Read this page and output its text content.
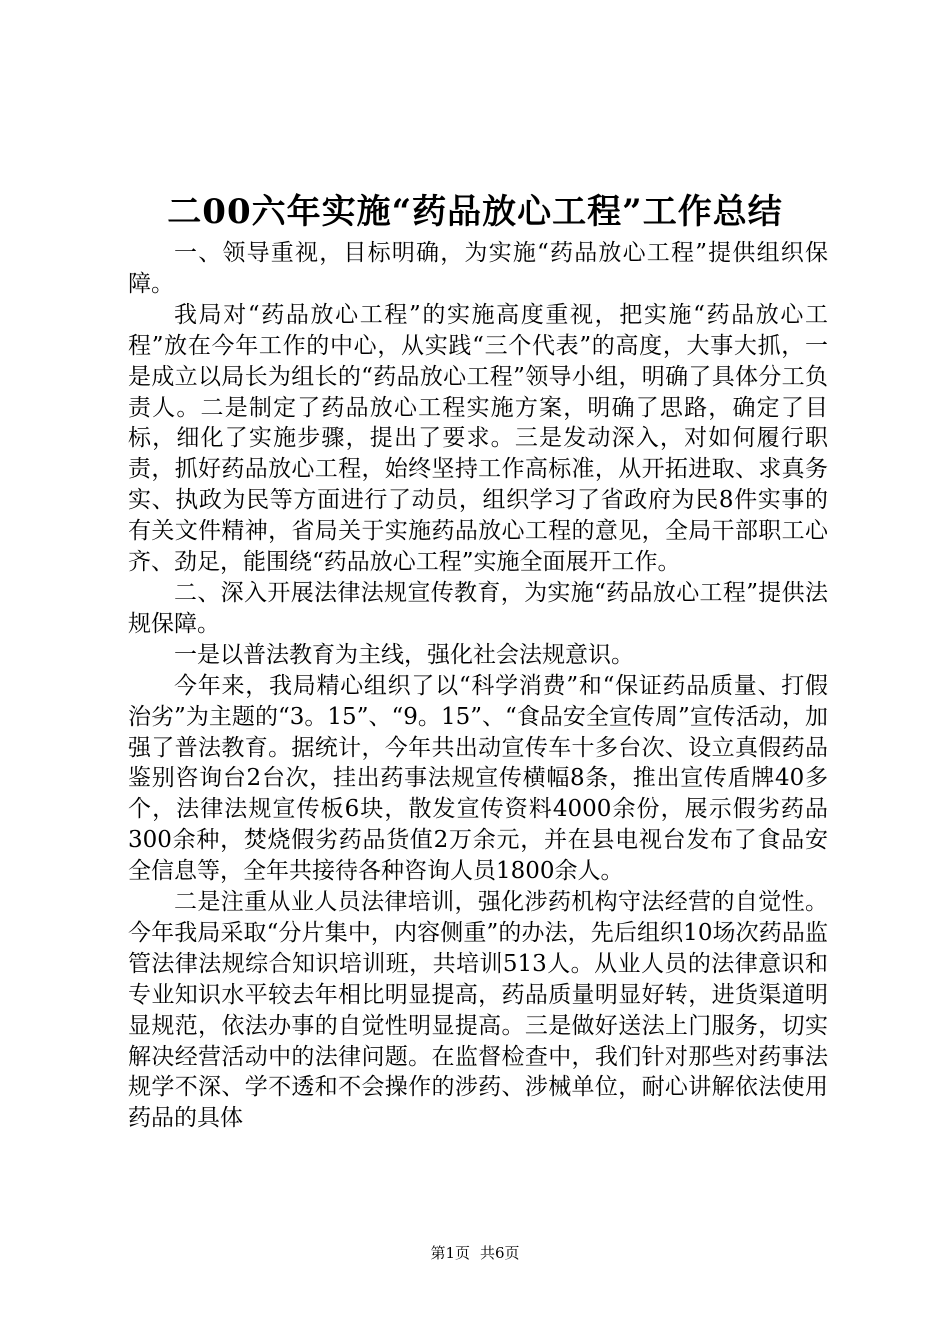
二00六年实施“药品放心工程”工作总结

一、领导重视，目标明确，为实施“药品放心工程”提供组织保障。

我局对“药品放心工程”的实施高度重视，把实施“药品放心工程”放在今年工作的中心，从实践“三个代表”的高度，大事大抓，一是成立以局长为组长的“药品放心工程”领导小组，明确了具体分工负责人。二是制定了药品放心工程实施方案，明确了思路，确定了目标，细化了实施步骤，提出了要求。三是发动深入，对如何履行职责，抓好药品放心工程，始终坚持工作高标准，从开拓进取、求真务实、执政为民等方面进行了动员，组织学习了省政府为民8件实事的有关文件精神，省局关于实施药品放心工程的意见，全局干部职工心齐、劲足，能围绕“药品放心工程”实施全面展开工作。

二、深入开展法律法规宣传教育，为实施“药品放心工程”提供法规保障。

一是以普法教育为主线，强化社会法规意识。

今年来，我局精心组织了以“科学消费”和“保证药品质量、打假治劣”为主题的“3。15”、“9。15”、“食品安全宣传周”宣传活动，加强了普法教育。据统计，今年共出动宣传车十多台次、设立真假药品鉴别咨询台2台次，挂出药事法规宣传横幅8条，推出宣传盾牌40多个，法律法规宣传板6块，散发宣传资料4000余份，展示假劣药品300余种，焚烧假劣药品货值2万余元，并在县电视台发布了食品安全信息等，全年共接待各种咨询人员1800余人。

二是注重从业人员法律培训，强化涉药机构守法经营的自觉性。今年我局采取“分片集中，内容侧重”的办法，先后组织10场次药品监管法律法规综合知识培训班，共培训513人。从业人员的法律意识和专业知识水平较去年相比明显提高，药品质量明显好转，进货渠道明显规范，依法办事的自觉性明显提高。三是做好送法上门服务，切实解决经营活动中的法律问题。在监督检查中，我们针对那些对药事法规学不深、学不透和不会操作的涉药、涉械单位，耐心讲解依法使用药品的具体

第1页 共6页
